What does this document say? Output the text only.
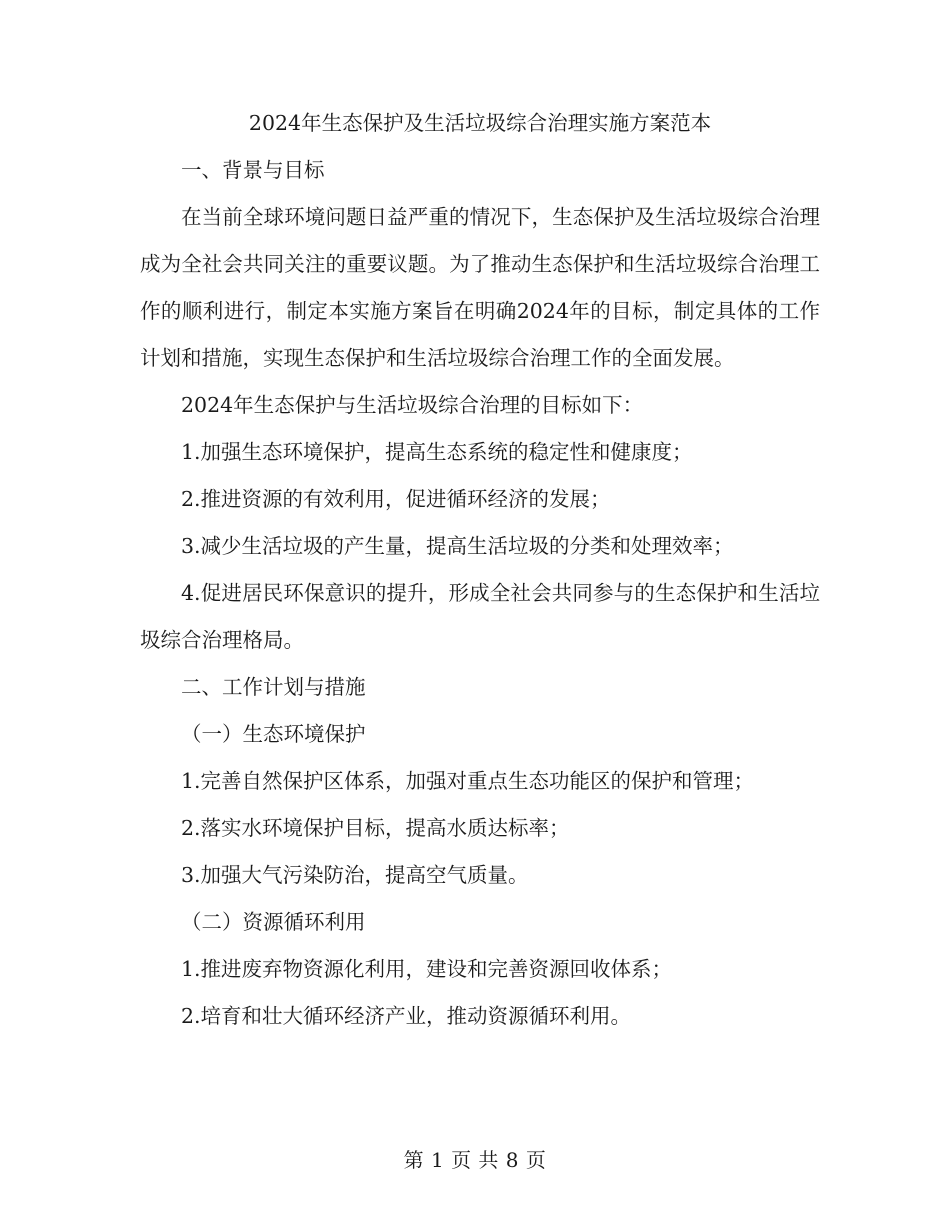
2024年生态保护及生活垃圾综合治理实施方案范本

一、背景与目标

在当前全球环境问题日益严重的情况下，生态保护及生活垃圾综合治理成为全社会共同关注的重要议题。为了推动生态保护和生活垃圾综合治理工作的顺利进行，制定本实施方案旨在明确2024年的目标，制定具体的工作计划和措施，实现生态保护和生活垃圾综合治理工作的全面发展。

2024年生态保护与生活垃圾综合治理的目标如下：

1.加强生态环境保护，提高生态系统的稳定性和健康度；

2.推进资源的有效利用，促进循环经济的发展；

3.减少生活垃圾的产生量，提高生活垃圾的分类和处理效率；

4.促进居民环保意识的提升，形成全社会共同参与的生态保护和生活垃圾综合治理格局。

二、工作计划与措施

（一）生态环境保护

1.完善自然保护区体系，加强对重点生态功能区的保护和管理；

2.落实水环境保护目标，提高水质达标率；

3.加强大气污染防治，提高空气质量。

（二）资源循环利用

1.推进废弃物资源化利用，建设和完善资源回收体系；

2.培育和壮大循环经济产业，推动资源循环利用。

第 1 页 共 8 页
